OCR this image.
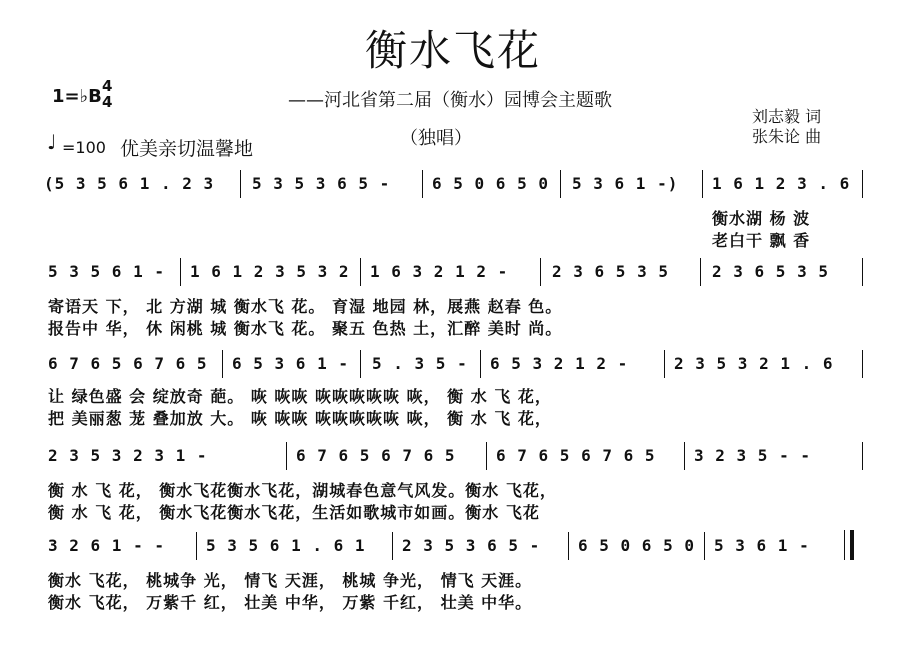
衡水飞花
——河北省第二届（衡水）园博会主题歌
（独唱）
刘志毅 词
张朱论 曲
1=♭B 4
4
♩ =100 优美亲切温馨地
(5 3 5 6 1 . 2 3 5 3 5 3 6 5 -	6 5 0 6 5 0 5 3 6 1 -) 1 6 1 2 3 . 6
衡水湖 杨 波
老白干 飘 香
5 3 5 6 1 - 1 6 1 2 3 5 3 2 1 6 3 2 1 2 -	2 3 6 5 3 5	2 3 6 5 3 5
寄语天 下， 北 方湖 城 衡水飞 花。 育湿 地园 林，展燕 赵春 色。
报告中 华， 休 闲桃 城 衡水飞 花。 聚五 色热 土，汇醉 美时 尚。
6 7 6 5 6 7 6 5 6 5 3 6 1 - 5 . 3 5 - 6 5 3 2 1 2 -	2 3 5 3 2 1 . 6
让 绿色盛 会 绽放奇 葩。 咴 咴咴 咴咴咴咴咴 咴， 衡 水 飞 花，
把 美丽葱 茏 叠加放 大。 咴 咴咴 咴咴咴咴咴 咴， 衡 水 飞 花，
2 3 5 3 2 3 1 -	6 7 6 5 6 7 6 5	6 7 6 5 6 7 6 5 3 2 3 5 - -
衡 水 飞 花， 衡水飞花衡水飞花，湖城春色意气风发。衡水 飞花，
衡 水 飞 花， 衡水飞花衡水飞花，生活如歌城市如画。衡水 飞花
3 2 6 1 - -	5 3 5 6 1 . 6 1 2 3 5 3 6 5 - 6 5 0 6 5 0 5 3 6 1 -
衡水 飞花， 桃城争 光， 情飞 天涯， 桃城 争光， 情飞 天涯。
衡水 飞花， 万紫千 红， 壮美 中华， 万紫 千红， 壮美 中华。
